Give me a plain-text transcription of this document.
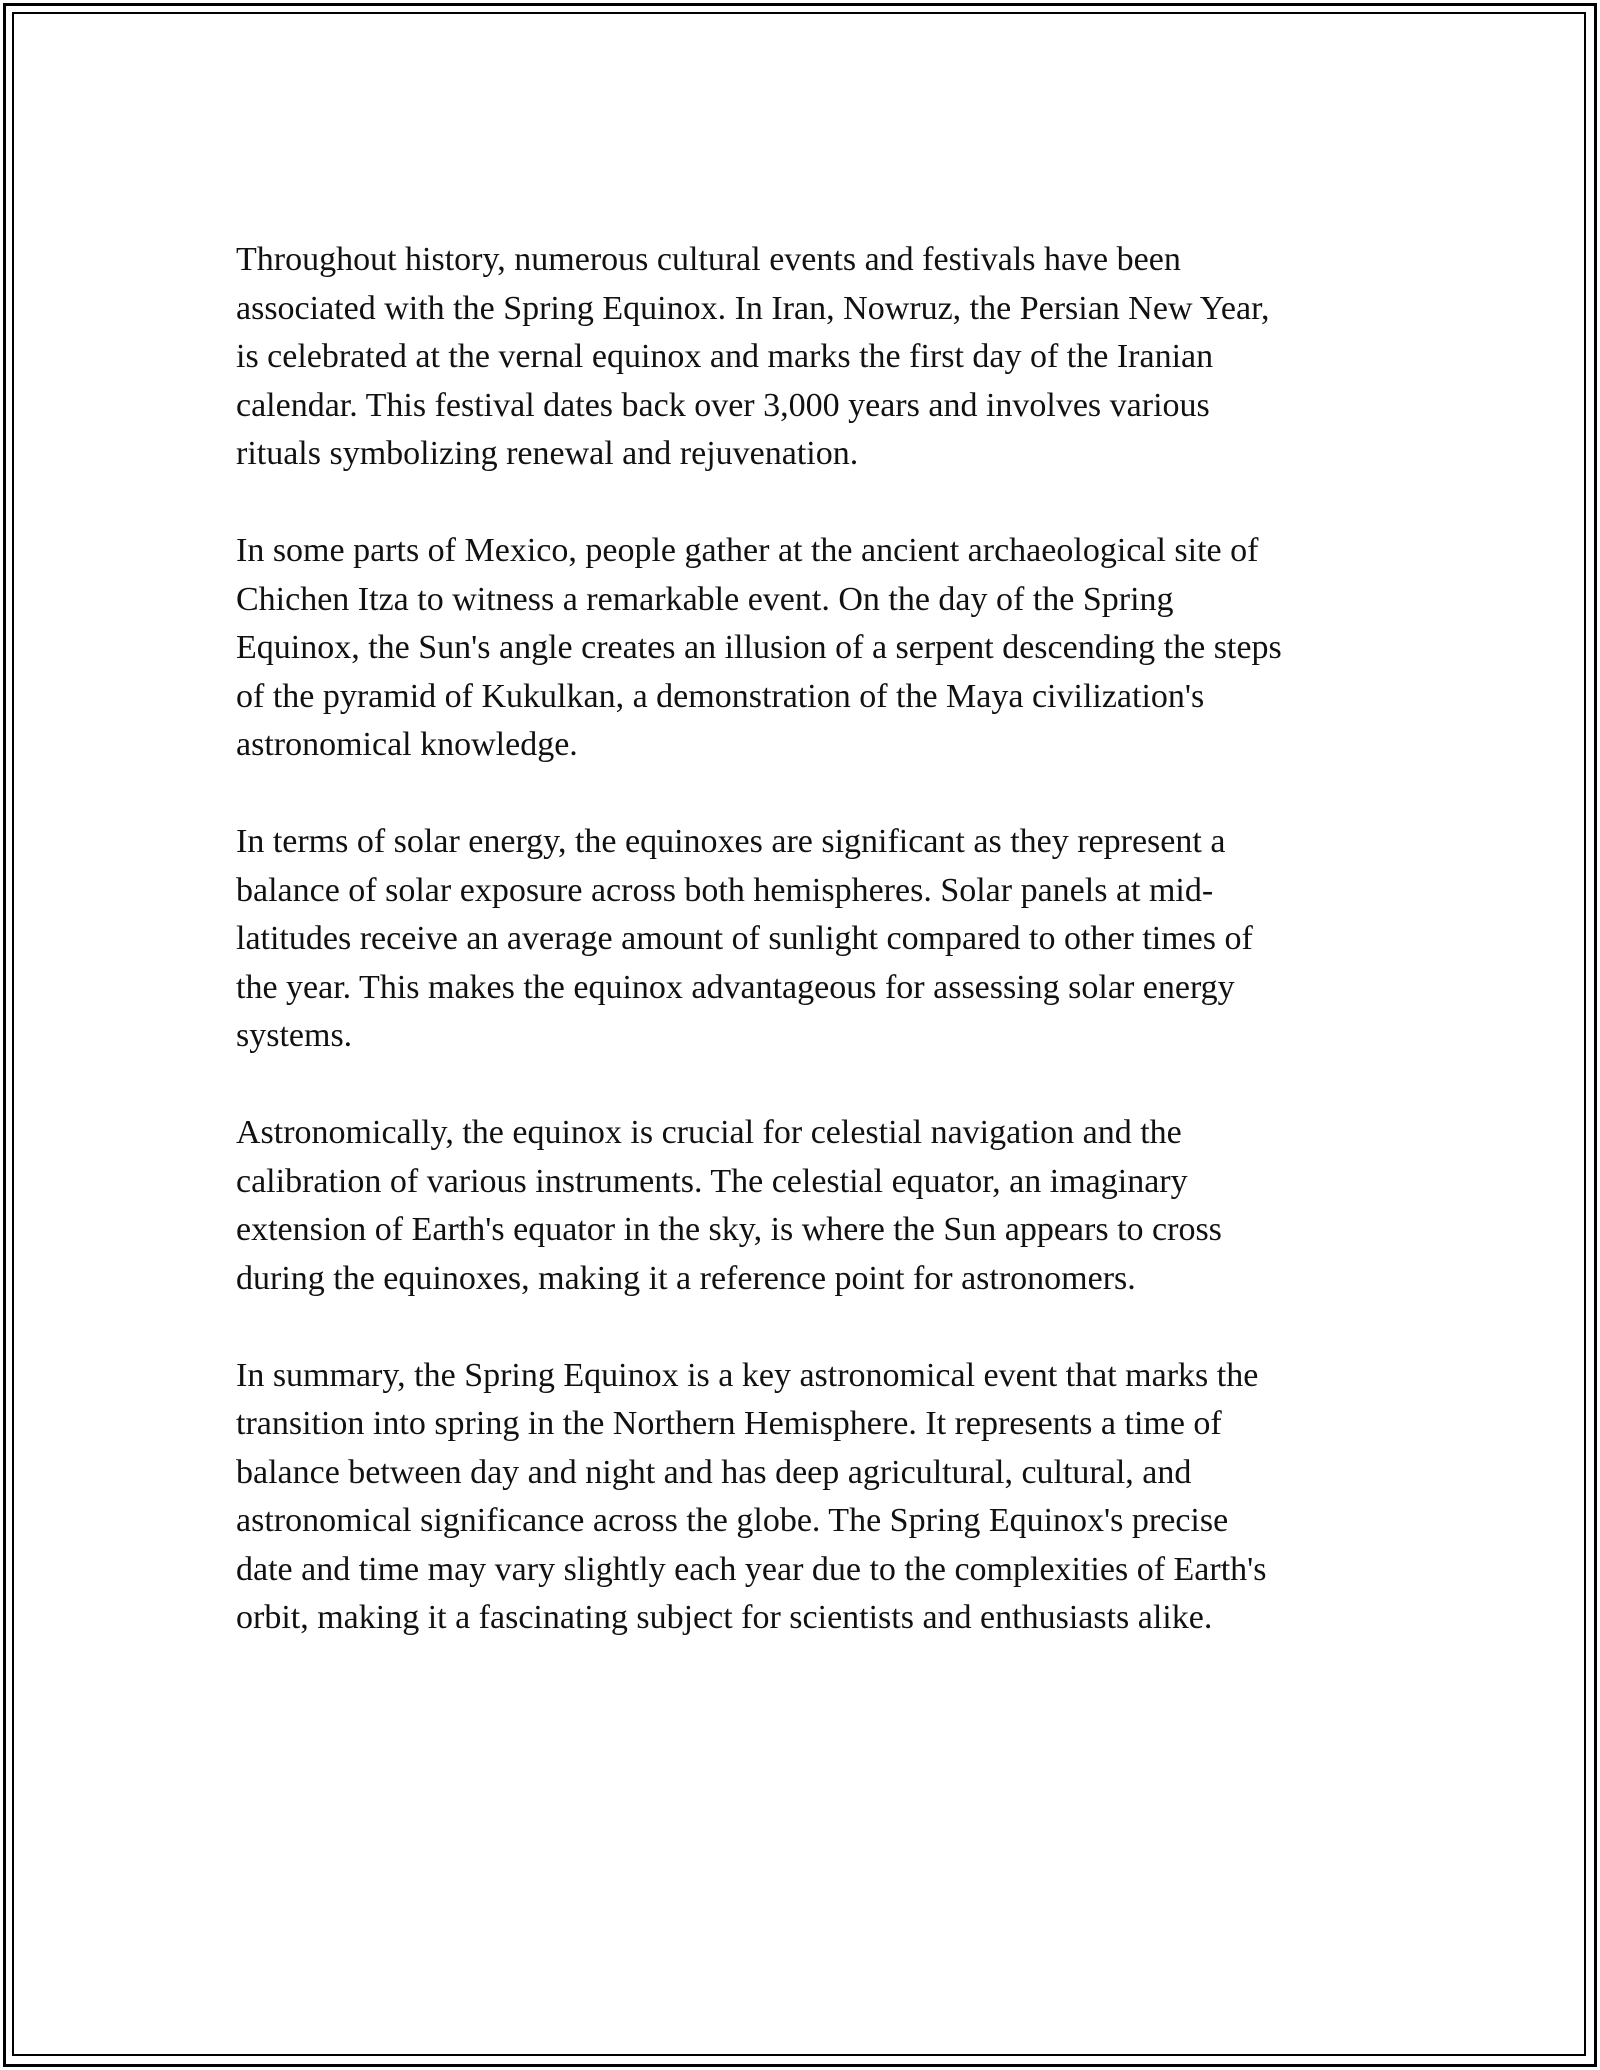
Throughout history, numerous cultural events and festivals have been
associated with the Spring Equinox. In Iran, Nowruz, the Persian New Year,
is celebrated at the vernal equinox and marks the first day of the Iranian
calendar. This festival dates back over 3,000 years and involves various
rituals symbolizing renewal and rejuvenation.

In some parts of Mexico, people gather at the ancient archaeological site of
Chichen Itza to witness a remarkable event. On the day of the Spring
Equinox, the Sun's angle creates an illusion of a serpent descending the steps
of the pyramid of Kukulkan, a demonstration of the Maya civilization's
astronomical knowledge.

In terms of solar energy, the equinoxes are significant as they represent a
balance of solar exposure across both hemispheres. Solar panels at mid-
latitudes receive an average amount of sunlight compared to other times of
the year. This makes the equinox advantageous for assessing solar energy
systems.

Astronomically, the equinox is crucial for celestial navigation and the
calibration of various instruments. The celestial equator, an imaginary
extension of Earth's equator in the sky, is where the Sun appears to cross
during the equinoxes, making it a reference point for astronomers.

In summary, the Spring Equinox is a key astronomical event that marks the
transition into spring in the Northern Hemisphere. It represents a time of
balance between day and night and has deep agricultural, cultural, and
astronomical significance across the globe. The Spring Equinox's precise
date and time may vary slightly each year due to the complexities of Earth's
orbit, making it a fascinating subject for scientists and enthusiasts alike.
